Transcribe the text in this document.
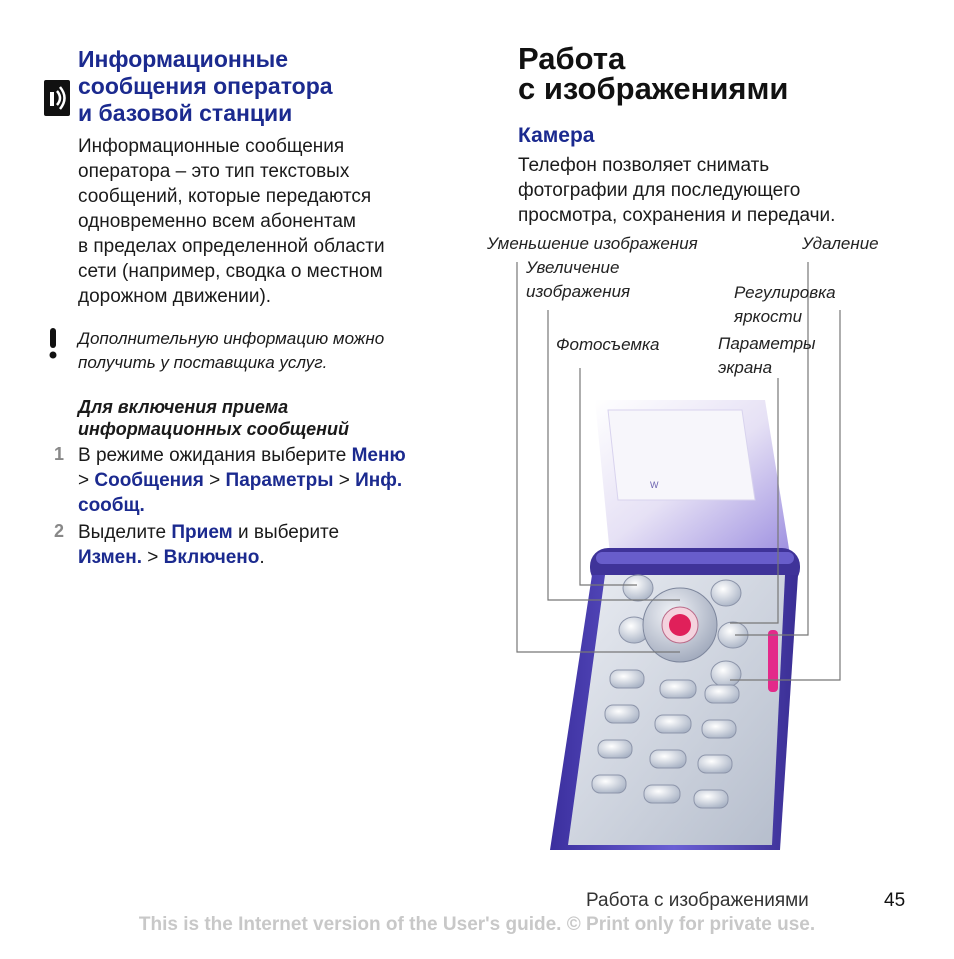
Информационные
сообщения оператора
и базовой станции
Информационные сообщения
оператора – это тип текстовых
сообщений, которые передаются
одновременно всем абонентам
в пределах определенной области
сети (например, сводка о местном
дорожном движении).
Дополнительную информацию можно
получить у поставщика услуг.
Для включения приема
информационных сообщений
1 В режиме ожидания выберите Меню
> Сообщения > Параметры > Инф. сообщ.
2 Выделите Прием и выберите
Измен. > Включено.
Работа
с изображениями
Камера
Телефон позволяет снимать
фотографии для последующего
просмотра, сохранения и передачи.
W
Уменьшение изображения	Удаление
Увеличение
изображения	Регулировка
яркости
Фотосъемка	Параметры
экрана
Работа с изображениями	45
This is the Internet version of the User's guide. © Print only for private use.
